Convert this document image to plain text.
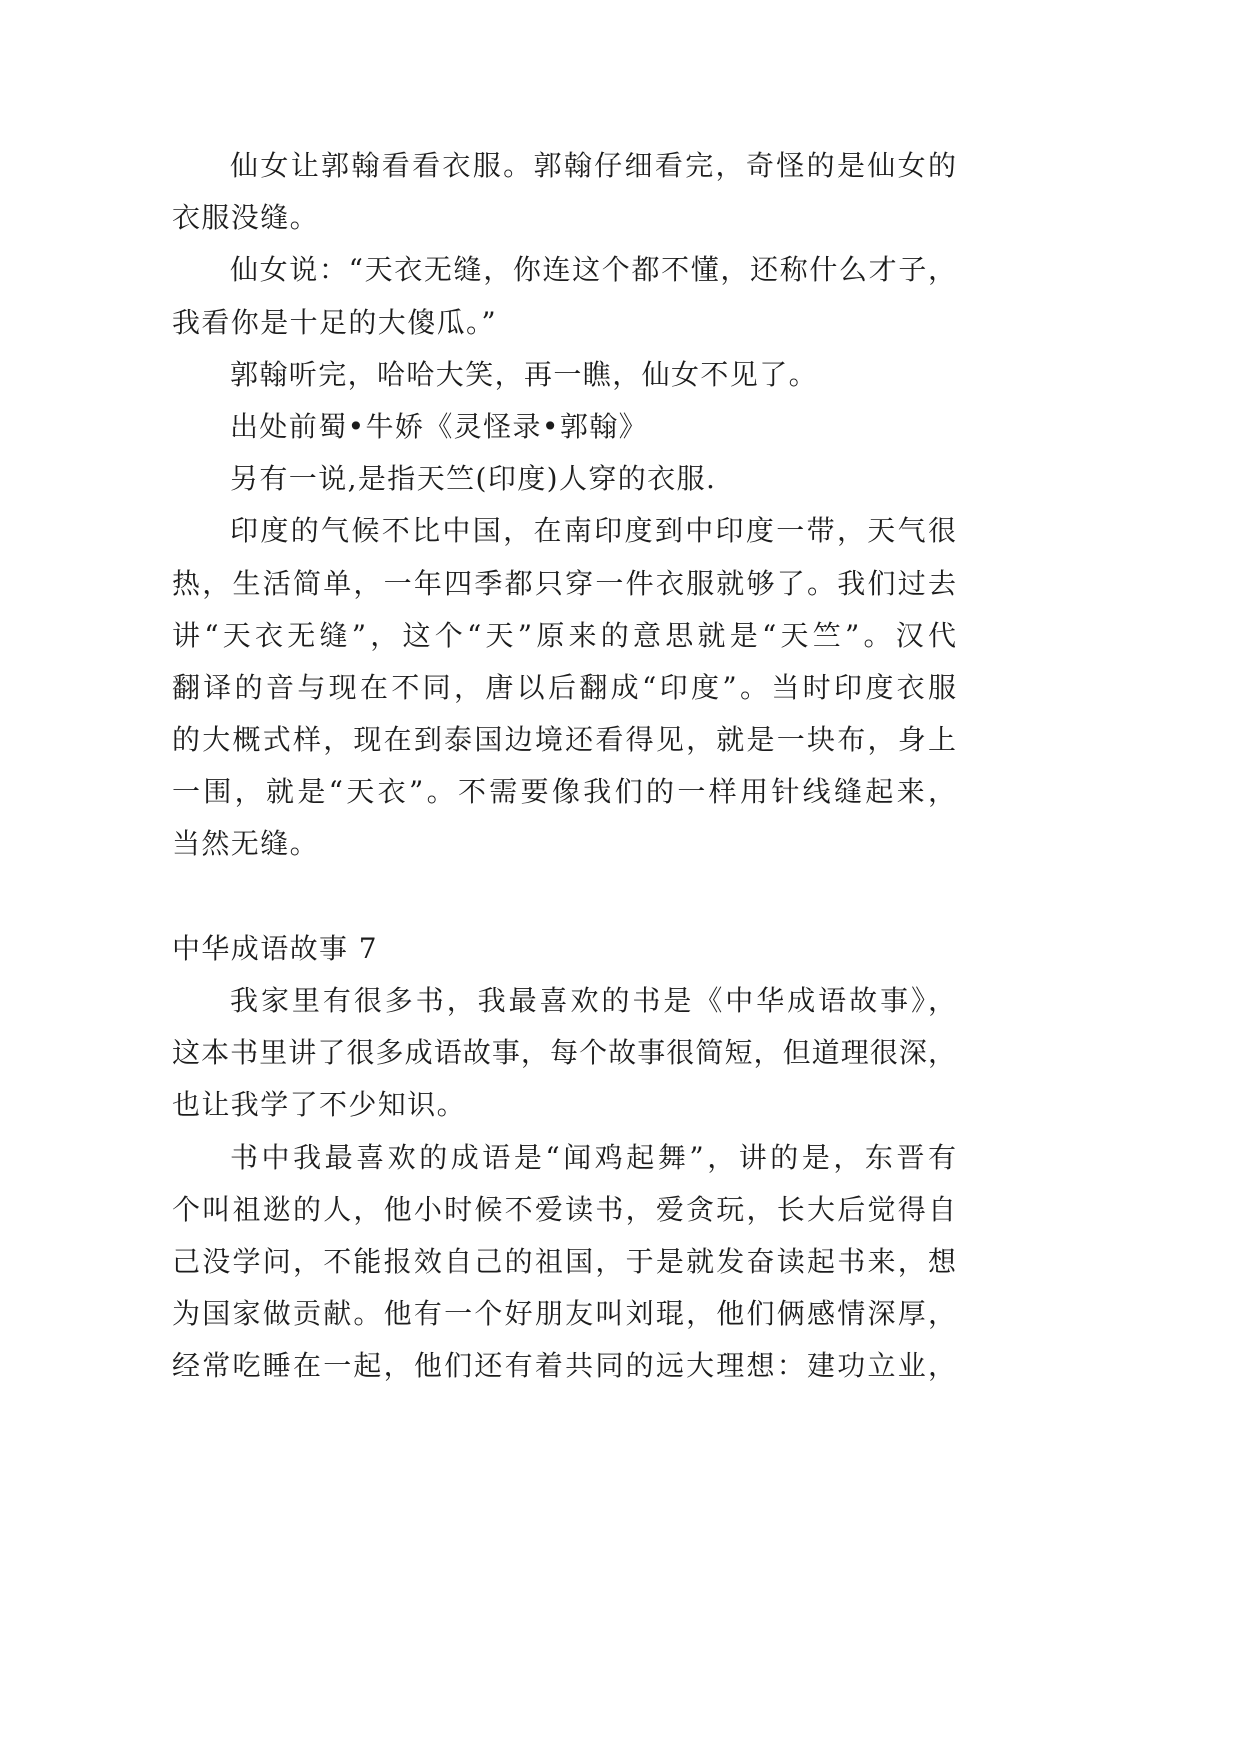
仙女让郭翰看看衣服。郭翰仔细看完，奇怪的是仙女的
衣服没缝。
仙女说：“天衣无缝，你连这个都不懂，还称什么才子，
我看你是十足的大傻瓜。”
郭翰听完，哈哈大笑，再一瞧，仙女不见了。
出处前蜀•牛娇《灵怪录•郭翰》
另有一说,是指天竺(印度)人穿的衣服.
印度的气候不比中国，在南印度到中印度一带，天气很
热，生活简单，一年四季都只穿一件衣服就够了。我们过去
讲“天衣无缝”，这个“天”原来的意思就是“天竺”。汉代
翻译的音与现在不同，唐以后翻成“印度”。当时印度衣服
的大概式样，现在到泰国边境还看得见，就是一块布，身上
一围，就是“天衣”。不需要像我们的一样用针线缝起来，
当然无缝。
中华成语故事 7
我家里有很多书，我最喜欢的书是《中华成语故事》，
这本书里讲了很多成语故事，每个故事很简短，但道理很深，
也让我学了不少知识。
书中我最喜欢的成语是“闻鸡起舞”，讲的是，东晋有
个叫祖逖的人，他小时候不爱读书，爱贪玩，长大后觉得自
己没学问，不能报效自己的祖国，于是就发奋读起书来，想
为国家做贡献。他有一个好朋友叫刘琨，他们俩感情深厚，
经常吃睡在一起，他们还有着共同的远大理想：建功立业，
